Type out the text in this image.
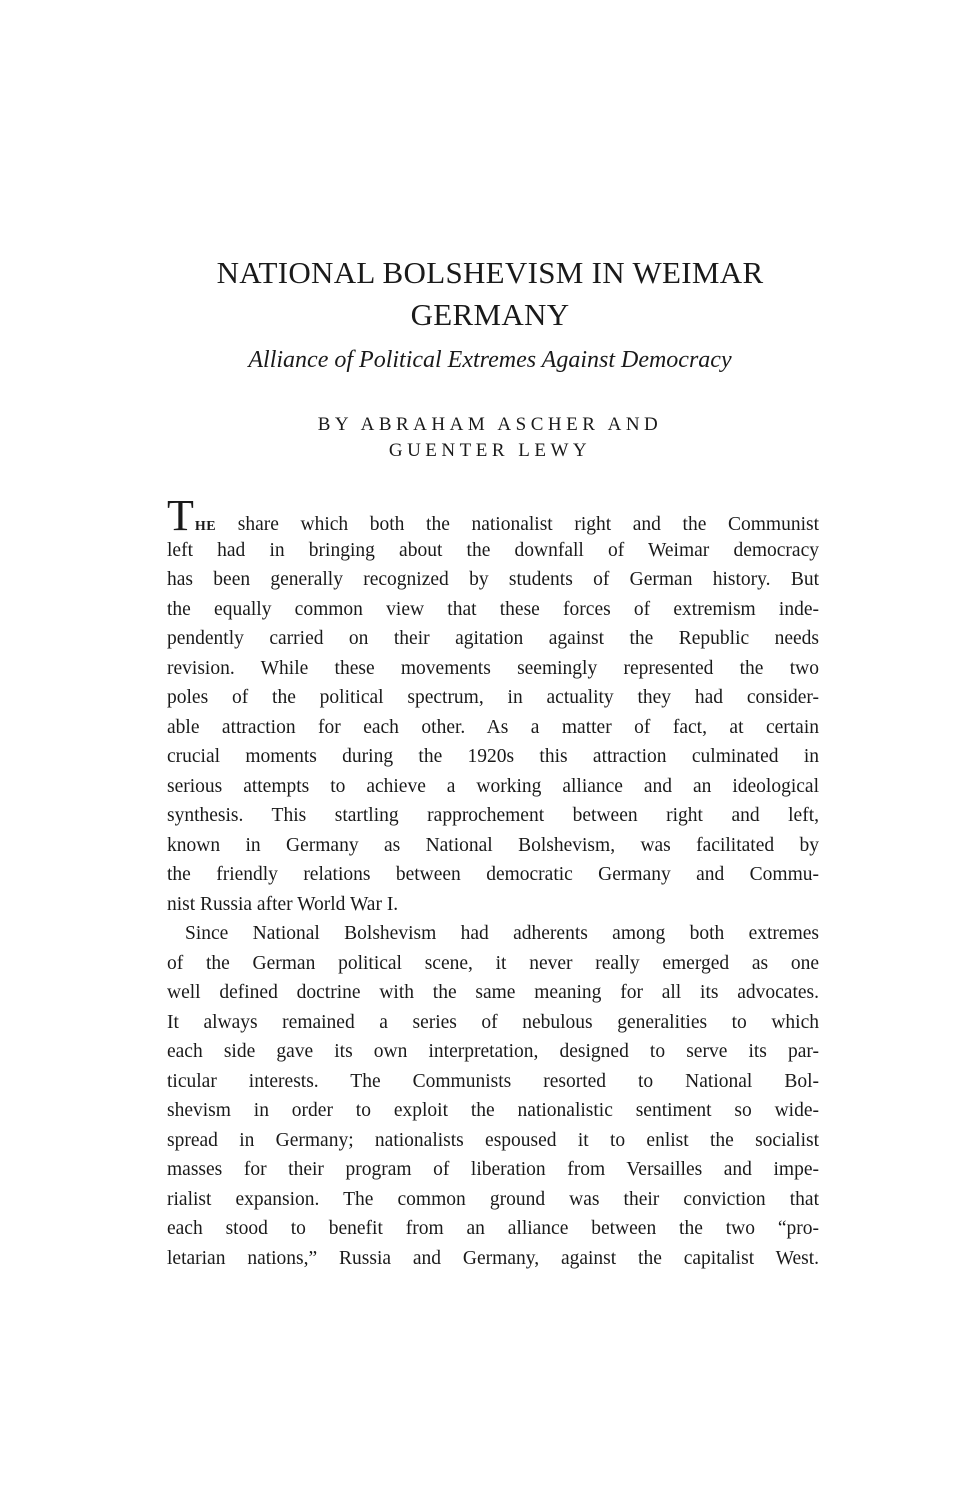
NATIONAL BOLSHEVISM IN WEIMAR
GERMANY
Alliance of Political Extremes Against Democracy
BY ABRAHAM ASCHER AND
GUENTER LEWY
THE share which both the nationalist right and the Communist
left had in bringing about the downfall of Weimar democracy
has been generally recognized by students of German history. But
the equally common view that these forces of extremism inde-
pendently carried on their agitation against the Republic needs
revision. While these movements seemingly represented the two
poles of the political spectrum, in actuality they had consider-
able attraction for each other. As a matter of fact, at certain
crucial moments during the 1920s this attraction culminated in
serious attempts to achieve a working alliance and an ideological
synthesis. This startling rapprochement between right and left,
known in Germany as National Bolshevism, was facilitated by
the friendly relations between democratic Germany and Commu-
nist Russia after World War I.
Since National Bolshevism had adherents among both extremes
of the German political scene, it never really emerged as one
well defined doctrine with the same meaning for all its advocates.
It always remained a series of nebulous generalities to which
each side gave its own interpretation, designed to serve its par-
ticular interests. The Communists resorted to National Bol-
shevism in order to exploit the nationalistic sentiment so wide-
spread in Germany; nationalists espoused it to enlist the socialist
masses for their program of liberation from Versailles and impe-
rialist expansion. The common ground was their conviction that
each stood to benefit from an alliance between the two “pro-
letarian nations,” Russia and Germany, against the capitalist West.
